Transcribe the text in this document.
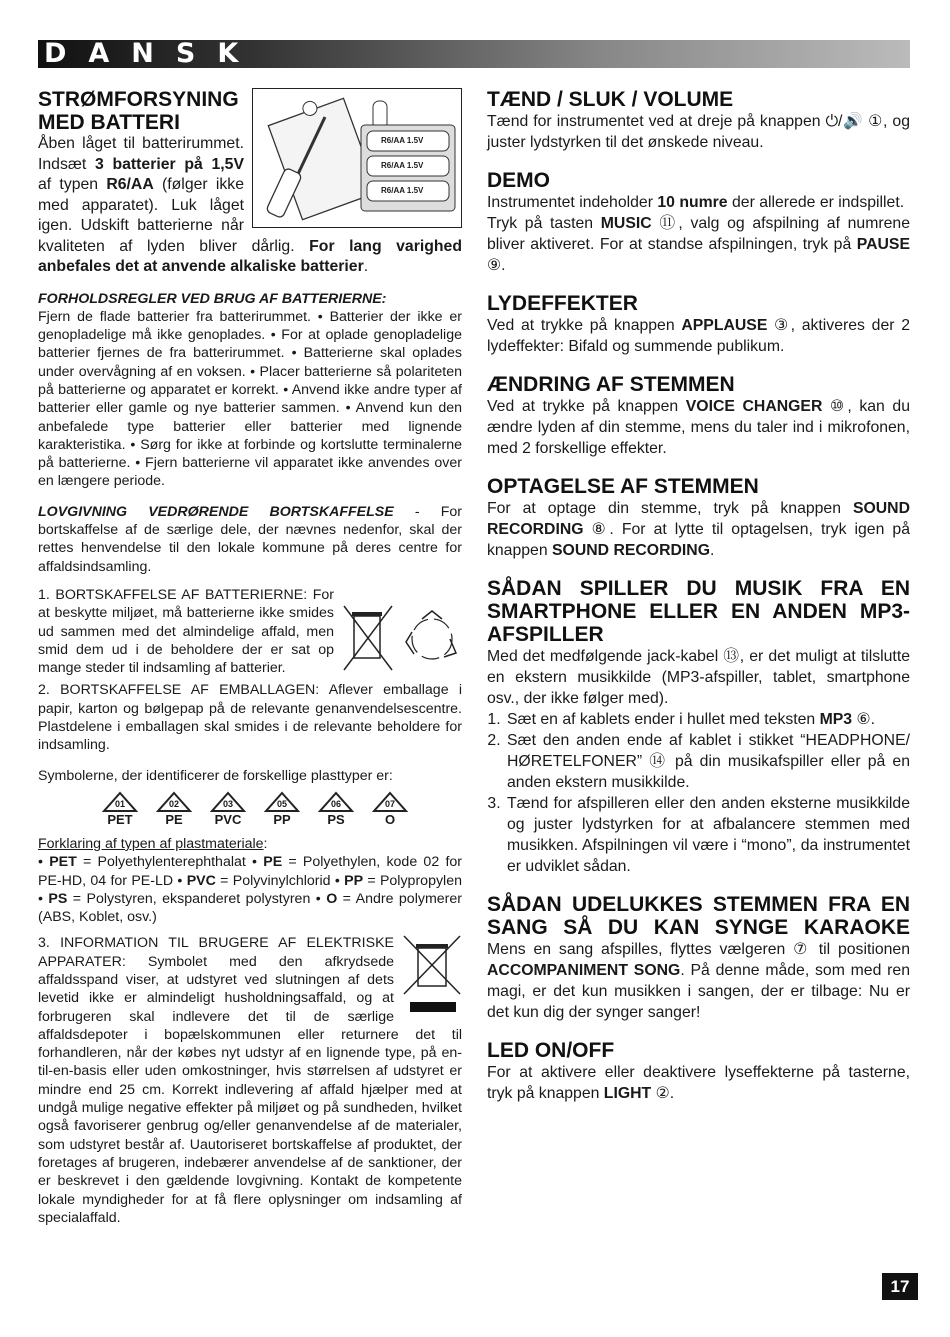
DANSK
R6/AA 1.5V
R6/AA 1.5V
R6/AA 1.5V
STRØMFORSYNING MED BATTERI

Åben låget til batterirummet. Indsæt 3 batterier på 1,5V af typen R6/AA (følger ikke med apparatet). Luk låget igen. Udskift batterierne når kvaliteten af lyden bliver dårlig. For lang varighed anbefales det at anvende alkaliske batterier.

FORHOLDSREGLER VED BRUG AF BATTERIERNE:

Fjern de flade batterier fra batterirummet. • Batterier der ikke er genopladelige må ikke genoplades. • For at oplade genopladelige batterier fjernes de fra batterirummet. • Batterierne skal oplades under overvågning af en voksen. • Placer batterierne så polariteten på batterierne og apparatet er korrekt. • Anvend ikke andre typer af batterier eller gamle og nye batterier sammen. • Anvend kun den anbefalede type batterier eller batterier med lignende karakteristika. • Sørg for ikke at forbinde og kortslutte terminalerne på batterierne. • Fjern batterierne vil apparatet ikke anvendes over en længere periode.

LOVGIVNING VEDRØRENDE BORTSKAFFELSE - For bortskaffelse af de særlige dele, der nævnes nedenfor, skal der rettes henvendelse til den lokale kommune på deres centre for affaldsindsamling.

1. BORTSKAFFELSE AF BATTERIERNE: For at beskytte miljøet, må batterierne ikke smides ud sammen med det almindelige affald, men smid dem ud i de beholdere der er sat op mange steder til indsamling af batterier.

2. BORTSKAFFELSE AF EMBALLAGEN: Aflever emballage i papir, karton og bølgepap på de relevante genanvendelsescentre. Plastdelene i emballagen skal smides i de relevante beholdere for indsamling.

Symbolerne, der identificerer de forskellige plasttyper er:

01
PET
02
PE
03
PVC
05
PP
06
PS
07
O

Forklaring af typen af plastmateriale:

• PET = Polyethylenterephthalat • PE = Polyethylen, kode 02 for PE-HD, 04 for PE-LD • PVC = Polyvinylchlorid • PP = Polypropylen • PS = Polystyren, ekspanderet polystyren • O = Andre polymerer (ABS, Koblet, osv.)

3. INFORMATION TIL BRUGERE AF ELEKTRISKE APPARATER: Symbolet med den afkrydsede affaldsspand viser, at udstyret ved slutningen af dets levetid ikke er almindeligt husholdningsaffald, og at forbrugeren skal indlevere det til de særlige affaldsdepoter i bopælskommunen eller returnere det til forhandleren, når der købes nyt udstyr af en lignende type, på en-til-en-basis eller uden omkostninger, hvis størrelsen af udstyret er mindre end 25 cm. Korrekt indlevering af affald hjælper med at undgå mulige negative effekter på miljøet og på sundheden, hvilket også favoriserer genbrug og/eller genanvendelse af de materialer, som udstyret består af. Uautoriseret bortskaffelse af produktet, der foretages af brugeren, indebærer anvendelse af de sanktioner, der er beskrevet i den gældende lovgivning. Kontakt de kompetente lokale myndigheder for at få flere oplysninger om indsamling af specialaffald.

TÆND / SLUK / VOLUME

Tænd for instrumentet ved at dreje på knappen ⏻/🔊 ①, og juster lydstyrken til det ønskede niveau.

DEMO

Instrumentet indeholder 10 numre der allerede er indspillet.

Tryk på tasten MUSIC ⑪, valg og afspilning af numrene bliver aktiveret. For at standse afspilningen, tryk på PAUSE ⑨.

LYDEFFEKTER

Ved at trykke på knappen APPLAUSE ③, aktiveres der 2 lydeffekter: Bifald og summende publikum.

ÆNDRING AF STEMMEN

Ved at trykke på knappen VOICE CHANGER ⑩, kan du ændre lyden af din stemme, mens du taler ind i mikrofonen, med 2 forskellige effekter.

OPTAGELSE AF STEMMEN

For at optage din stemme, tryk på knappen SOUND RECORDING ⑧. For at lytte til optagelsen, tryk igen på knappen SOUND RECORDING.

SÅDAN SPILLER DU MUSIK FRA EN SMARTPHONE ELLER EN ANDEN MP3-AFSPILLER

Med det medfølgende jack-kabel ⑬, er det muligt at tilslutte en ekstern musikkilde (MP3-afspiller, tablet, smartphone osv., der ikke følger med).

1. Sæt en af kablets ender i hullet med teksten MP3 ⑥.
2. Sæt den anden ende af kablet i stikket “HEADPHONE/ HØRETELFONER” ⑭ på din musikafspiller eller på en anden ekstern musikkilde.
3. Tænd for afspilleren eller den anden eksterne musikkilde og juster lydstyrken for at afbalancere stemmen med musikken. Afspilningen vil være i “mono”, da instrumentet er udviklet sådan.
SÅDAN UDELUKKES STEMMEN FRA EN SANG SÅ DU KAN SYNGE KARAOKE

Mens en sang afspilles, flyttes vælgeren ⑦ til positionen ACCOMPANIMENT SONG. På denne måde, som med ren magi, er det kun musikken i sangen, der er tilbage: Nu er det kun dig der synger sanger!

LED ON/OFF

For at aktivere eller deaktivere lyseffekterne på tasterne, tryk på knappen LIGHT ②.

17
